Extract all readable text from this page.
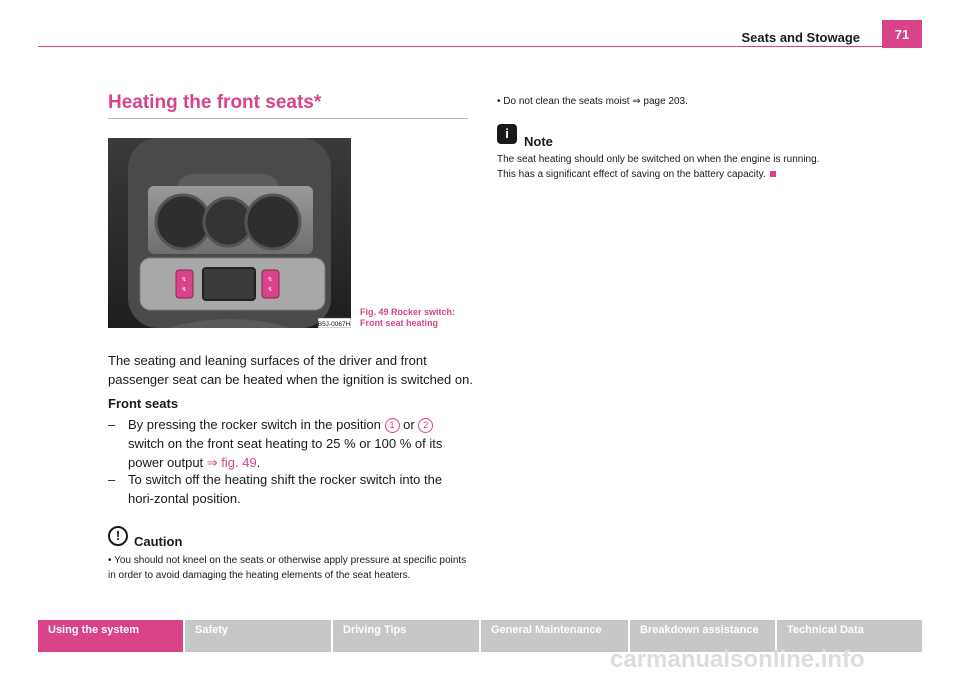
Seats and Stowage	71
Heating the front seats*
↯
↯
↯
↯
B5J-0067H
Fig. 49 Rocker switch:
Front seat heating
The seating and leaning surfaces of the driver and front passenger seat can be heated when the ignition is switched on.
Front seats
– By pressing the rocker switch in the position 1 or 2 switch on the front seat heating to 25 % or 100 % of its power output ⇒ fig. 49.
– To switch off the heating shift the rocker switch into the hori-zontal position.
!	Caution
• You should not kneel on the seats or otherwise apply pressure at specific points in order to avoid damaging the heating elements of the seat heaters.
• Do not clean the seats moist ⇒ page 203.
i
Note
The seat heating should only be switched on when the engine is running.
This has a significant effect of saving on the battery capacity.
Using the system	Safety	Driving Tips	General Maintenance	Breakdown assistance	Technical Data
carmanualsonline.info
